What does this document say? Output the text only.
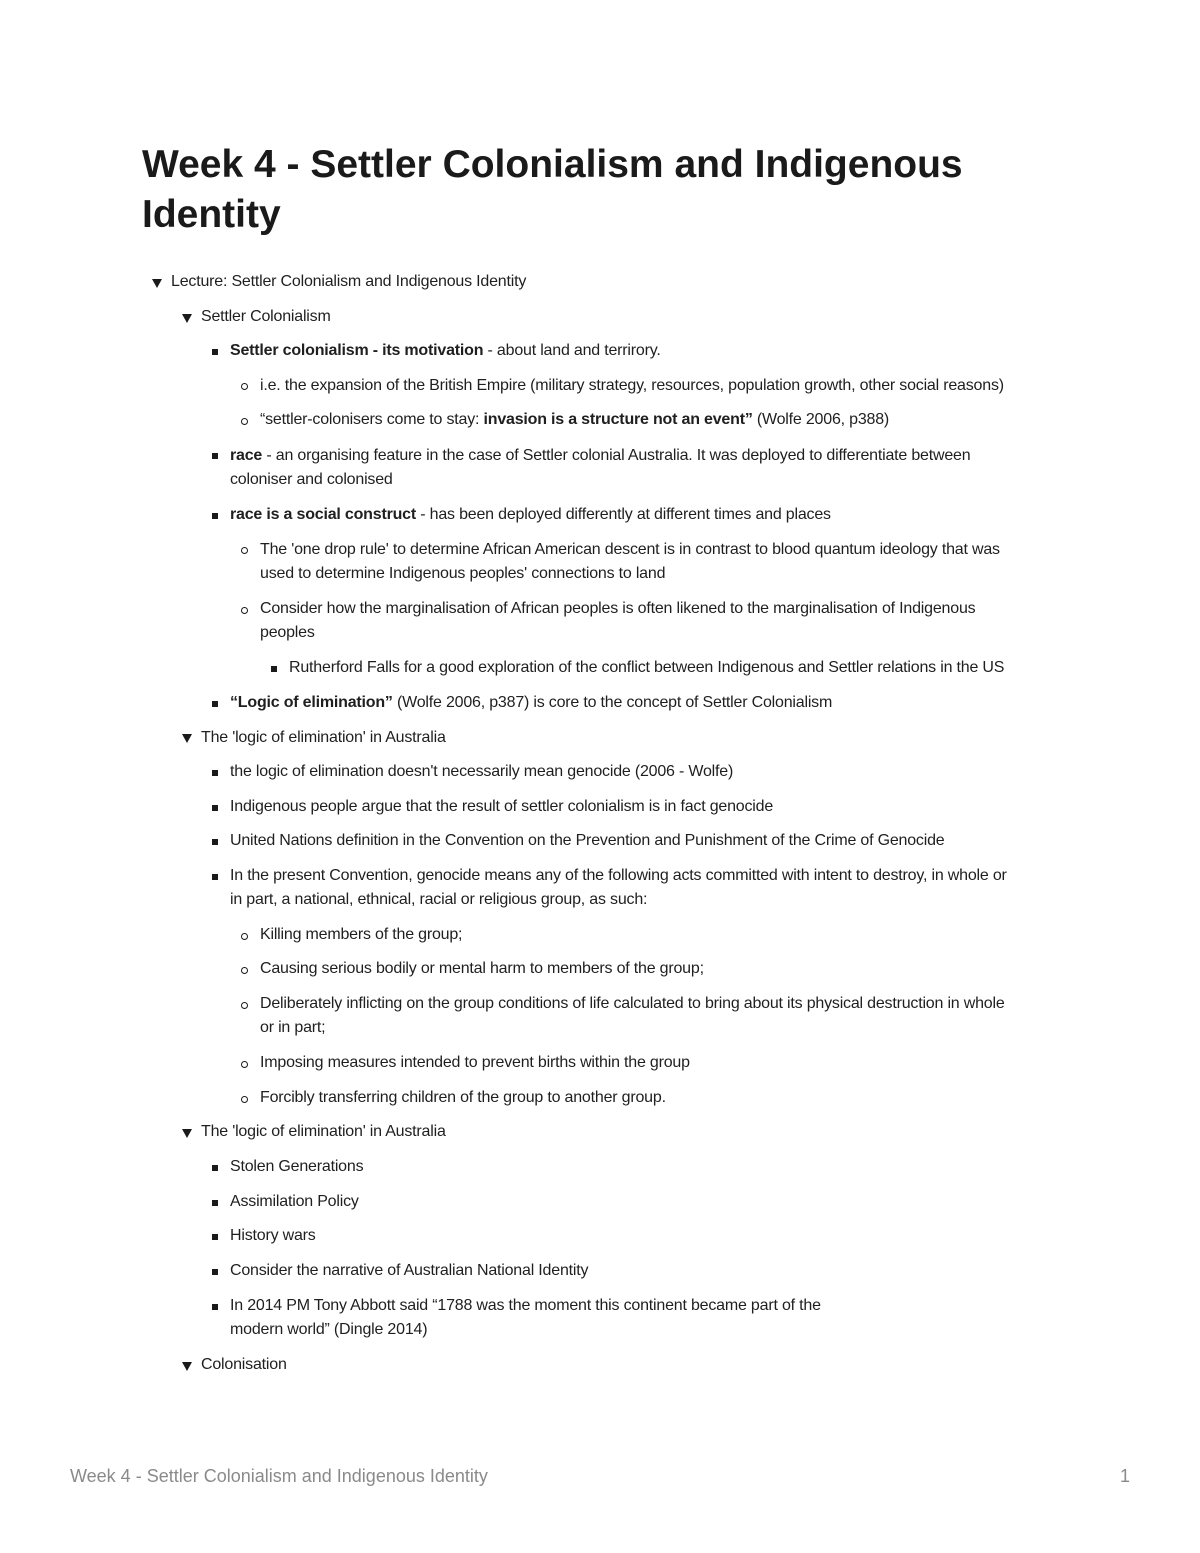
Week 4 - Settler Colonialism and Indigenous Identity
Lecture: Settler Colonialism and Indigenous Identity
Settler Colonialism
Settler colonialism - its motivation - about land and terrirory.
i.e. the expansion of the British Empire (military strategy, resources, population growth, other social reasons)
“settler-colonisers come to stay: invasion is a structure not an event” (Wolfe 2006, p388)
race - an organising feature in the case of Settler colonial Australia. It was deployed to differentiate between
coloniser and colonised
race is a social construct - has been deployed differently at different times and places
The 'one drop rule' to determine African American descent is in contrast to blood quantum ideology that was
used to determine Indigenous peoples' connections to land
Consider how the marginalisation of African peoples is often likened to the marginalisation of Indigenous
peoples
Rutherford Falls for a good exploration of the conflict between Indigenous and Settler relations in the US
“Logic of elimination” (Wolfe 2006, p387) is core to the concept of Settler Colonialism
The 'logic of elimination' in Australia
the logic of elimination doesn't necessarily mean genocide (2006 - Wolfe)
Indigenous people argue that the result of settler colonialism is in fact genocide
United Nations definition in the Convention on the Prevention and Punishment of the Crime of Genocide
In the present Convention, genocide means any of the following acts committed with intent to destroy, in whole or
in part, a national, ethnical, racial or religious group, as such:
Killing members of the group;
Causing serious bodily or mental harm to members of the group;
Deliberately inflicting on the group conditions of life calculated to bring about its physical destruction in whole
or in part;
Imposing measures intended to prevent births within the group
Forcibly transferring children of the group to another group.
The 'logic of elimination' in Australia
Stolen Generations
Assimilation Policy
History wars
Consider the narrative of Australian National Identity
In 2014 PM Tony Abbott said “1788 was the moment this continent became part of the
modern world” (Dingle 2014)
Colonisation
Week 4 - Settler Colonialism and Indigenous Identity	1
